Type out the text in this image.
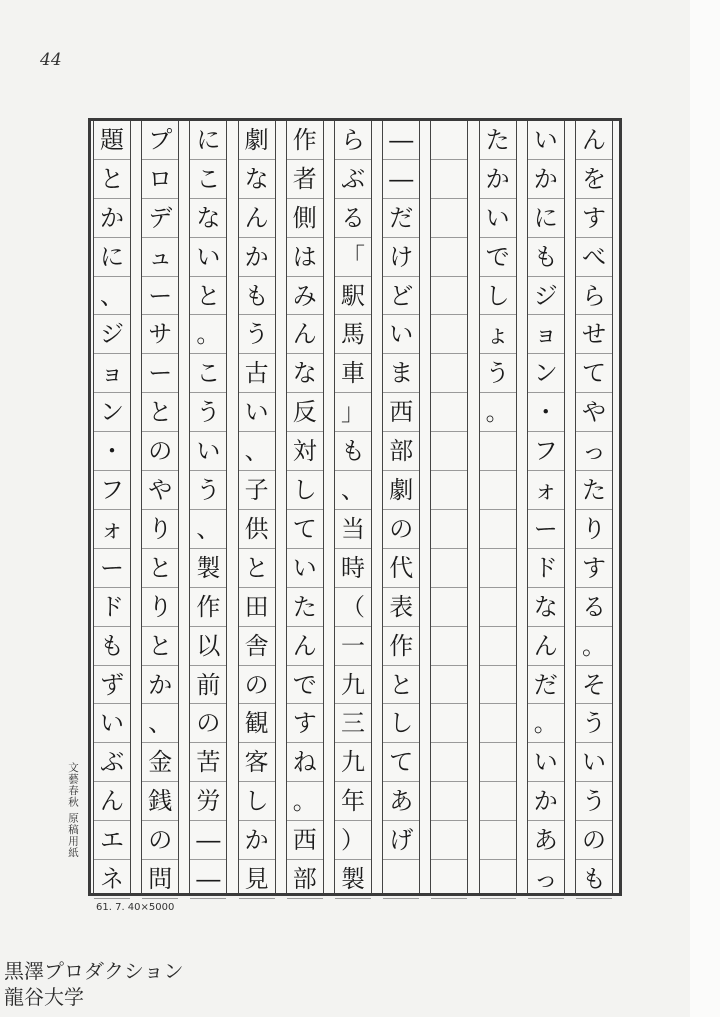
44
ん
を
す
べ
ら
せ
て
や
っ
た
り
す
る
。
そ
う
い
う
の
も
い
か
に
も
ジ
ョ
ン
・
フ
ォ
ー
ド
な
ん
だ
。
い
か
あ
っ
た
か
い
で
し
ょ
う
。
―
―
だ
け
ど
い
ま
西
部
劇
の
代
表
作
と
し
て
あ
げ
ら
ぶ
る
「
駅
馬
車
」
も
、
当
時
（
一
九
三
九
年
）
製
作
者
側
は
み
ん
な
反
対
し
て
い
た
ん
で
す
ね
。
西
部
劇
な
ん
か
も
う
古
い
、
子
供
と
田
舎
の
観
客
し
か
見
に
こ
な
い
と
。
こ
う
い
う
、
製
作
以
前
の
苦
労
―
―
プ
ロ
デ
ュ
ー
サ
ー
と
の
や
り
と
り
と
か
、
金
銭
の
問
題
と
か
に
、
ジ
ョ
ン
・
フ
ォ
ー
ド
も
ず
い
ぶ
ん
エ
ネ
文藝春秋 原稿用紙
61. 7. 40×5000
黒澤プロダクション
龍谷大学
